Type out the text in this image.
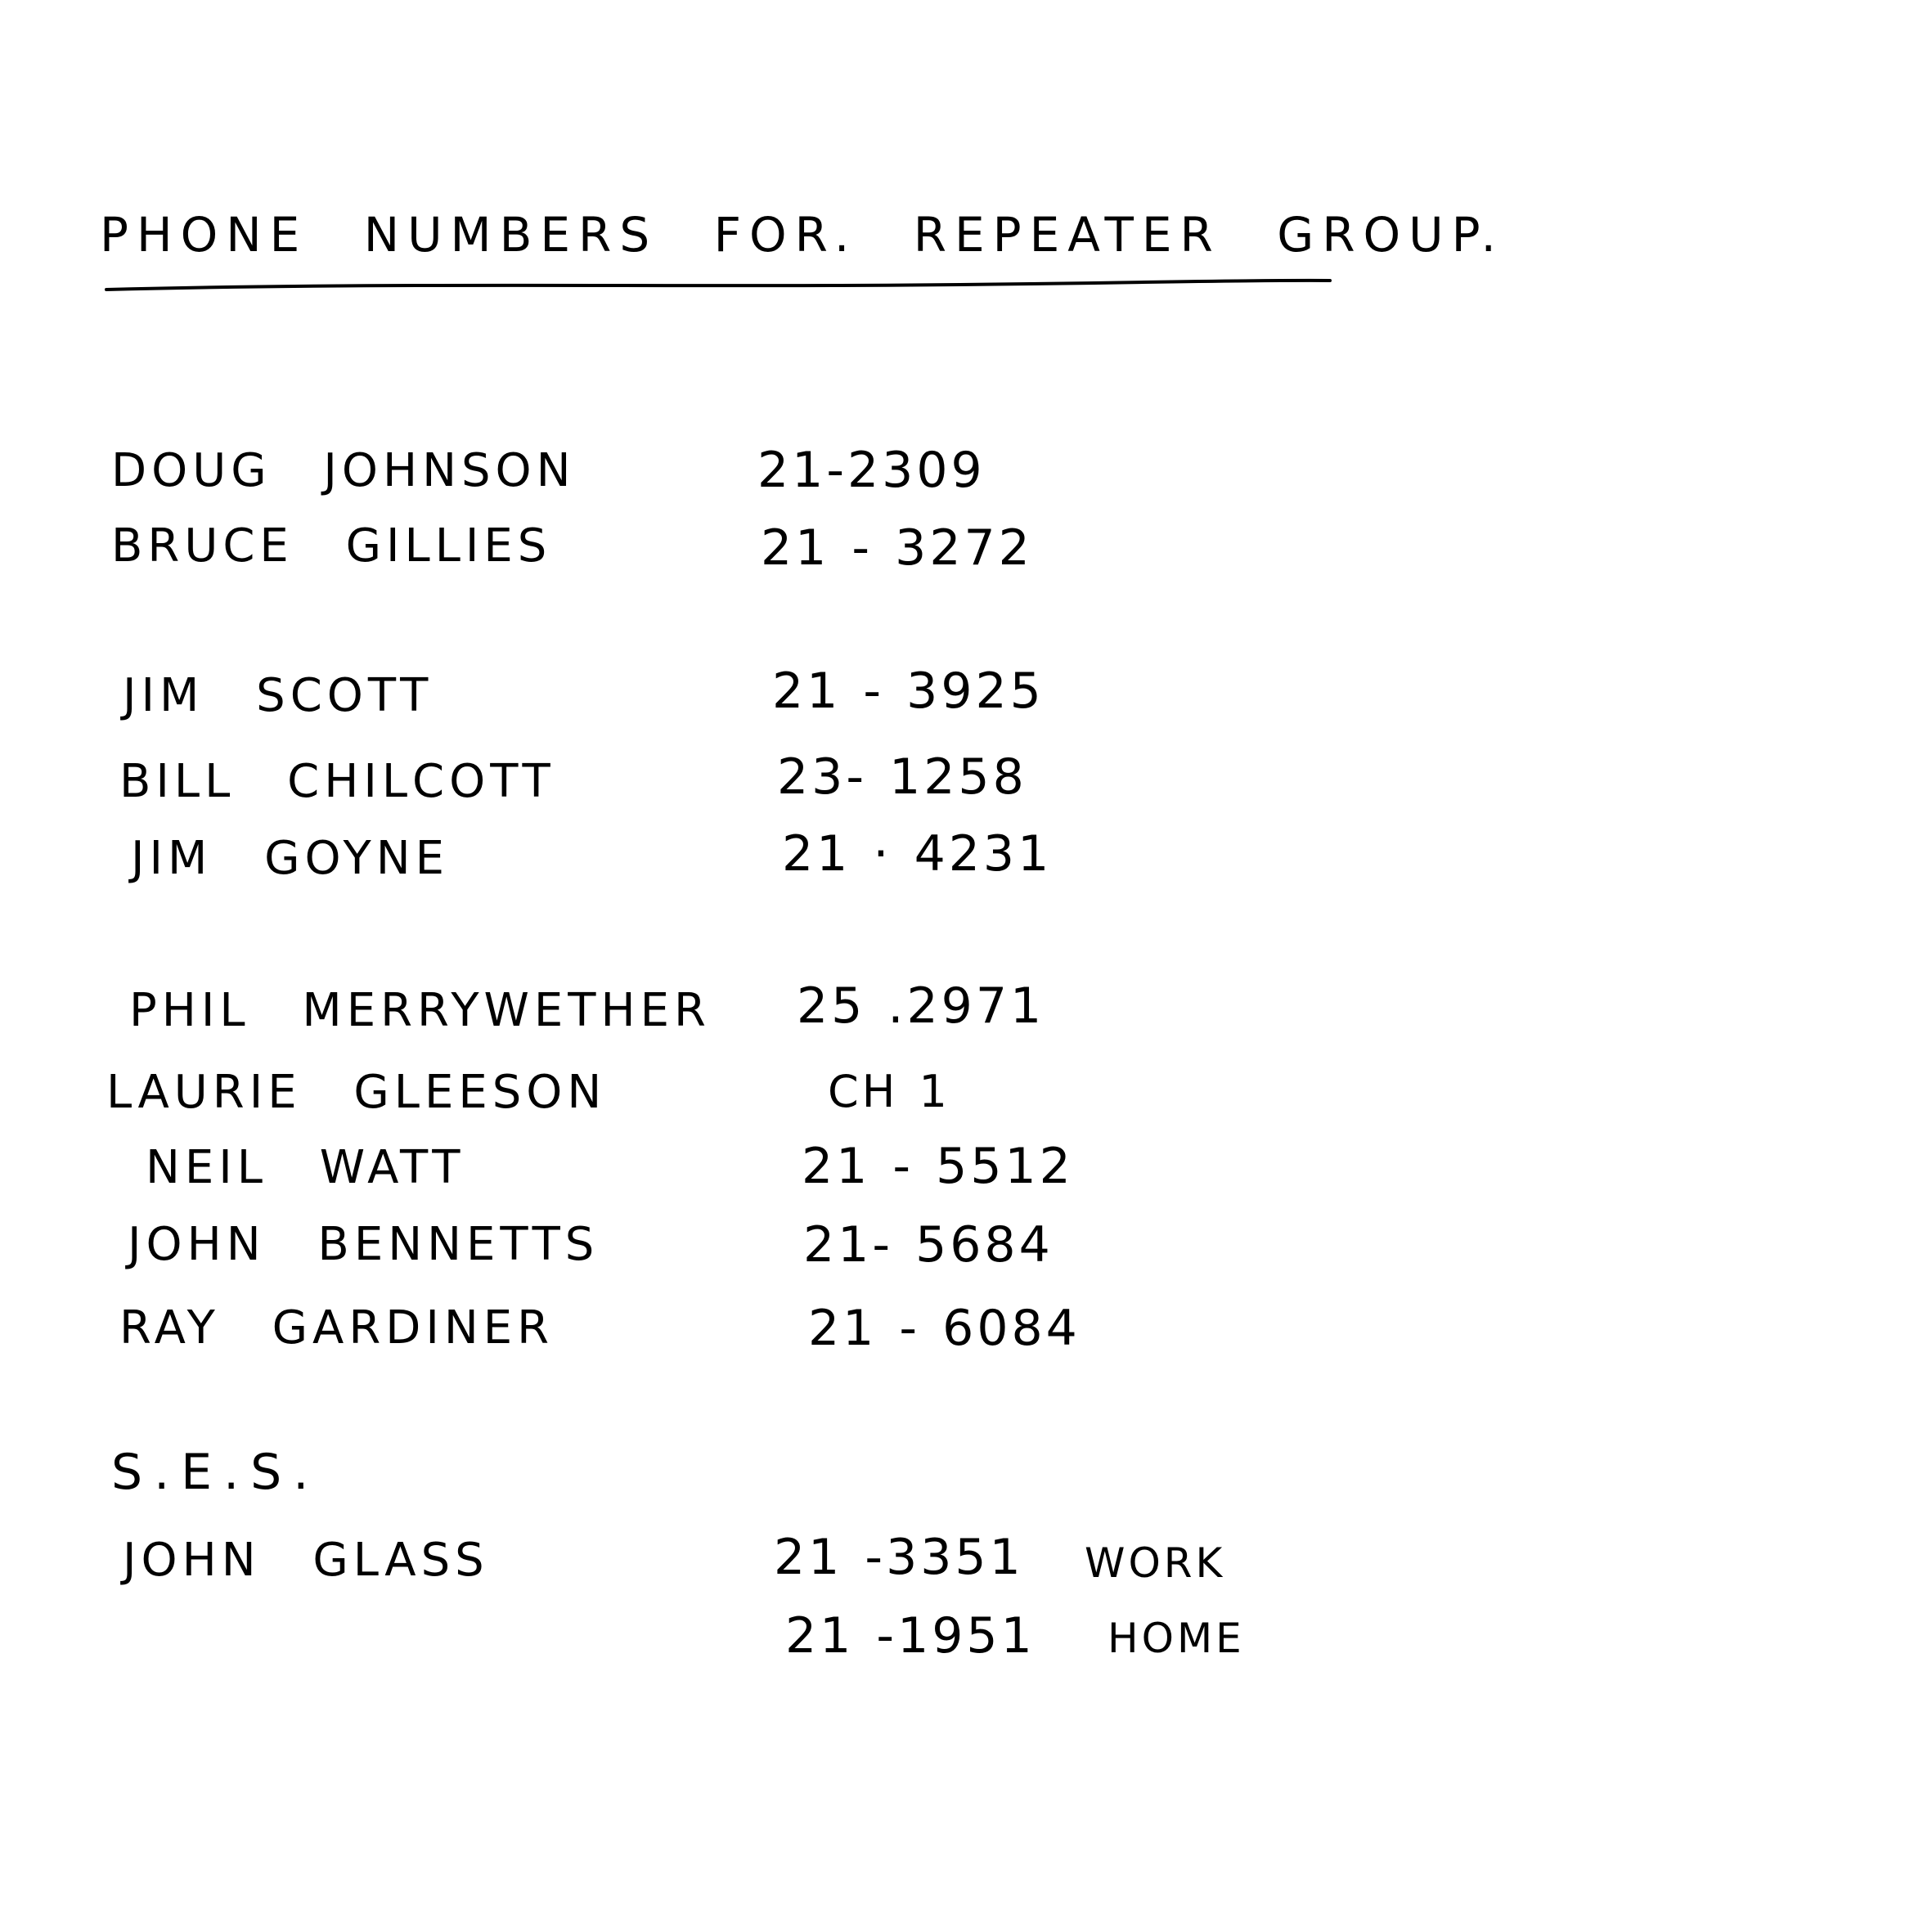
PHONE NUMBERS FOR. REPEATER GROUP.
DOUG JOHNSON	21-2309
BRUCE GILLIES	21 - 3272
JIM SCOTT	21 - 3925
BILL CHILCOTT	23- 1258
JIM GOYNE	21 · 4231
PHIL MERRYWETHER 25 .2971
LAURIE GLEESON	CH 1
NEIL WATT	21 - 5512
JOHN BENNETTS	21- 5684
RAY GARDINER	21 - 6084
S.E.S.
JOHN GLASS	21 -3351 WORK
21 -1951 HOME
